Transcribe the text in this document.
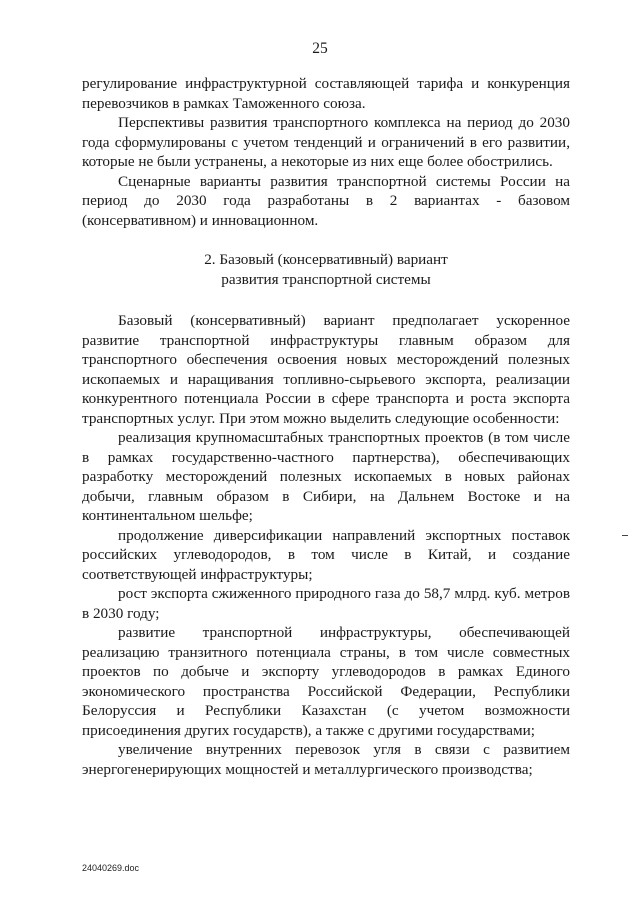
25

регулирование инфраструктурной составляющей тарифа и конкуренция перевозчиков в рамках Таможенного союза.

Перспективы развития транспортного комплекса на период до 2030 года сформулированы с учетом тенденций и ограничений в его развитии, которые не были устранены, а некоторые из них еще более обострились.

Сценарные варианты развития транспортной системы России на период до 2030 года разработаны в 2 вариантах - базовом (консервативном) и инновационном.

2. Базовый (консервативный) вариант
развития транспортной системы

Базовый (консервативный) вариант предполагает ускоренное развитие транспортной инфраструктуры главным образом для транспортного обеспечения освоения новых месторождений полезных ископаемых и наращивания топливно-сырьевого экспорта, реализации конкурентного потенциала России в сфере транспорта и роста экспорта транспортных услуг. При этом можно выделить следующие особенности:

реализация крупномасштабных транспортных проектов (в том числе в рамках государственно-частного партнерства), обеспечивающих разработку месторождений полезных ископаемых в новых районах добычи, главным образом в Сибири, на Дальнем Востоке и на континентальном шельфе;

продолжение диверсификации направлений экспортных поставок российских углеводородов, в том числе в Китай, и создание соответствующей инфраструктуры;

рост экспорта сжиженного природного газа до 58,7 млрд. куб. метров в 2030 году;

развитие транспортной инфраструктуры, обеспечивающей реализацию транзитного потенциала страны, в том числе совместных проектов по добыче и экспорту углеводородов в рамках Единого экономического пространства Российской Федерации, Республики Белоруссия и Республики Казахстан (с учетом возможности присоединения других государств), а также с другими государствами;

увеличение внутренних перевозок угля в связи с развитием энергогенерирующих мощностей и металлургического производства;

24040269.doc
